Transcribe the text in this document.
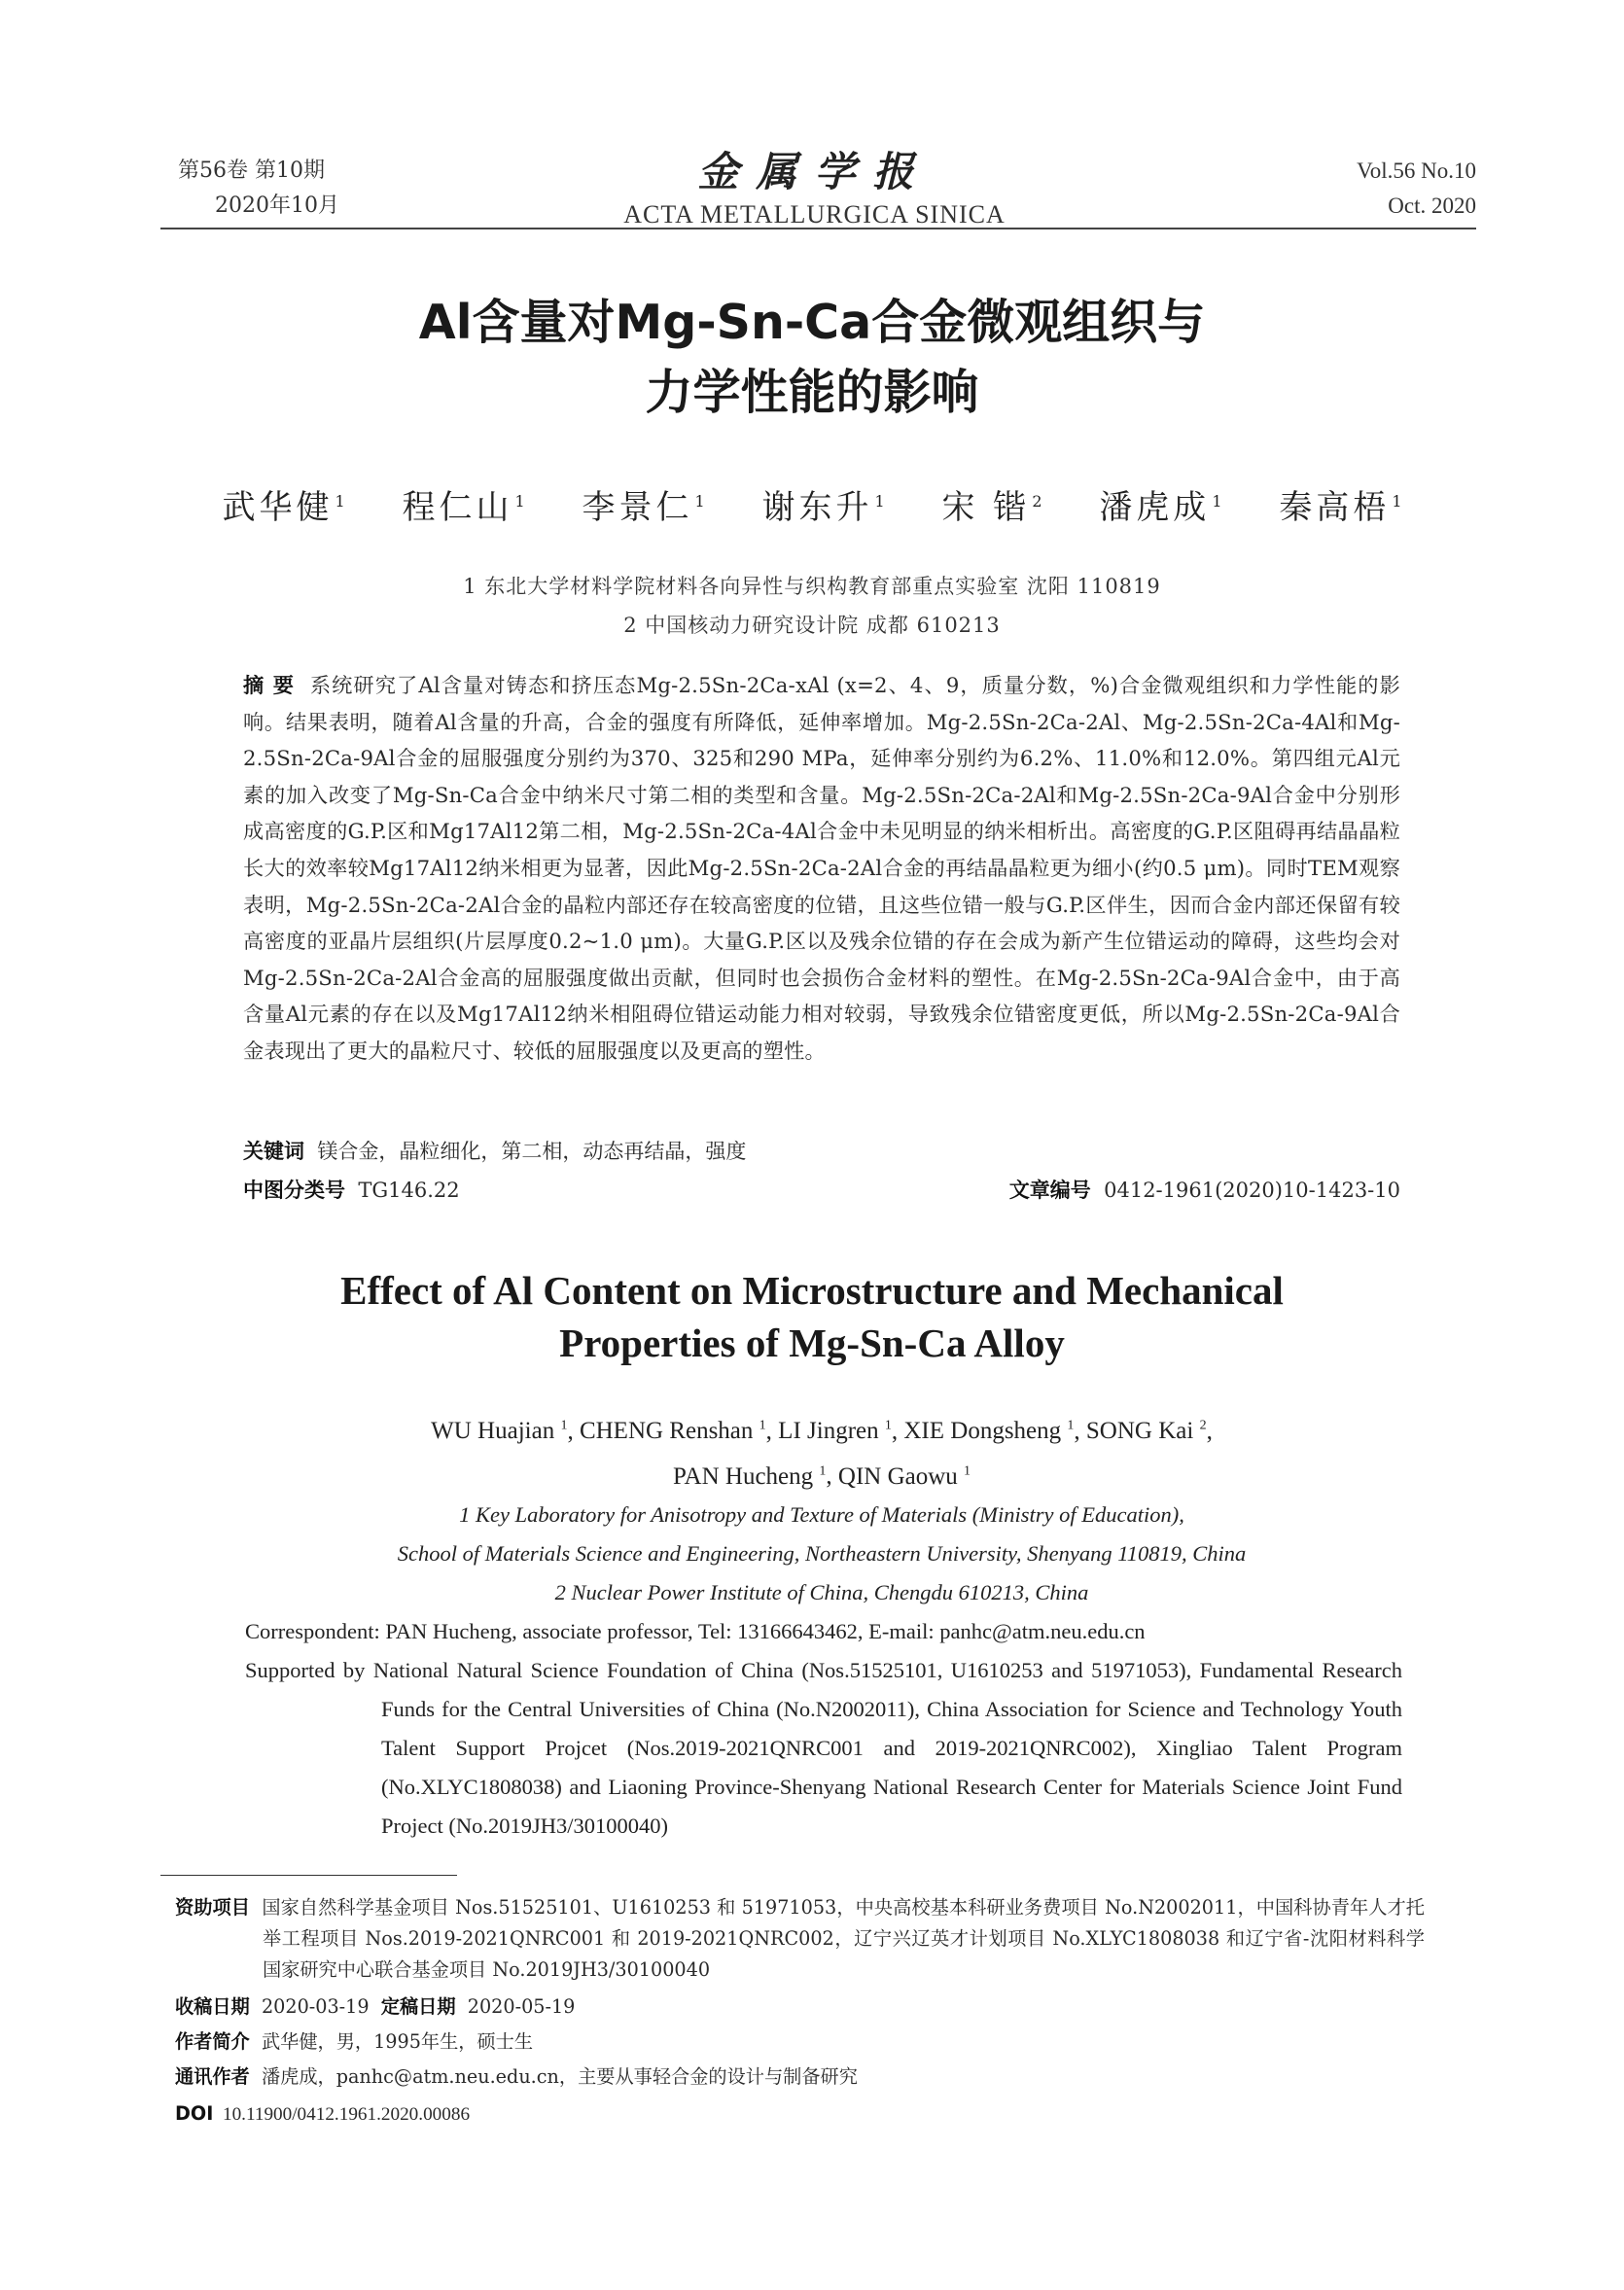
第56卷 第10期
2020年10月
金属学报
ACTA METALLURGICA SINICA
Vol.56 No.10
Oct. 2020
Al含量对Mg-Sn-Ca合金微观组织与
力学性能的影响
武华健 $^1$ 程仁山 $^1$ 李景仁 $^1$ 谢东升 $^1$ 宋 锴 $^2$ 潘虎成 $^1$ 秦高梧 $^1$
1 东北大学材料学院材料各向异性与织构教育部重点实验室 沈阳 110819
2 中国核动力研究设计院 成都 610213
摘 要 系统研究了Al含量对铸态和挤压态Mg-2.5Sn-2Ca-xAl (x=2、4、9，质量分数，%)合金微观组织和力学性能的影响。结果表明，随着Al含量的升高，合金的强度有所降低，延伸率增加。Mg-2.5Sn-2Ca-2Al、Mg-2.5Sn-2Ca-4Al和Mg-2.5Sn-2Ca-9Al合金的屈服强度分别约为370、325和290 MPa，延伸率分别约为6.2%、11.0%和12.0%。第四组元Al元素的加入改变了Mg-Sn-Ca合金中纳米尺寸第二相的类型和含量。Mg-2.5Sn-2Ca-2Al和Mg-2.5Sn-2Ca-9Al合金中分别形成高密度的G.P.区和Mg17Al12第二相，Mg-2.5Sn-2Ca-4Al合金中未见明显的纳米相析出。高密度的G.P.区阻碍再结晶晶粒长大的效率较Mg17Al12纳米相更为显著，因此Mg-2.5Sn-2Ca-2Al合金的再结晶晶粒更为细小(约0.5 μm)。同时TEM观察表明，Mg-2.5Sn-2Ca-2Al合金的晶粒内部还存在较高密度的位错，且这些位错一般与G.P.区伴生，因而合金内部还保留有较高密度的亚晶片层组织(片层厚度0.2~1.0 μm)。大量G.P.区以及残余位错的存在会成为新产生位错运动的障碍，这些均会对Mg-2.5Sn-2Ca-2Al合金高的屈服强度做出贡献，但同时也会损伤合金材料的塑性。在Mg-2.5Sn-2Ca-9Al合金中，由于高含量Al元素的存在以及Mg17Al12纳米相阻碍位错运动能力相对较弱，导致残余位错密度更低，所以Mg-2.5Sn-2Ca-9Al合金表现出了更大的晶粒尺寸、较低的屈服强度以及更高的塑性。
关键词 镁合金，晶粒细化，第二相，动态再结晶，强度
中图分类号 TG146.22	文章编号 0412-1961(2020)10-1423-10
Effect of Al Content on Microstructure and Mechanical
Properties of Mg-Sn-Ca Alloy
WU Huajian $^1$, CHENG Renshan $^1$, LI Jingren $^1$, XIE Dongsheng $^1$, SONG Kai $^2$,
PAN Hucheng $^1$, QIN Gaowu $^1$
1 Key Laboratory for Anisotropy and Texture of Materials (Ministry of Education),
School of Materials Science and Engineering, Northeastern University, Shenyang 110819, China
2 Nuclear Power Institute of China, Chengdu 610213, China
Correspondent: PAN Hucheng, associate professor, Tel: 13166643462, E-mail: panhc@atm.neu.edu.cn
Supported by National Natural Science Foundation of China (Nos.51525101, U1610253 and 51971053), Fundamental Research Funds for the Central Universities of China (No.N2002011), China Association for Science and Technology Youth Talent Support Projcet (Nos.2019-2021QNRC001 and 2019-2021QNRC002), Xingliao Talent Program (No.XLYC1808038) and Liaoning Province-Shenyang National Research Center for Materials Science Joint Fund Project (No.2019JH3/30100040)
资助项目 国家自然科学基金项目 Nos.51525101、U1610253 和 51971053，中央高校基本科研业务费项目 No.N2002011，中国科协青年人才托举工程项目 Nos.2019-2021QNRC001 和 2019-2021QNRC002，辽宁兴辽英才计划项目 No.XLYC1808038 和辽宁省-沈阳材料科学国家研究中心联合基金项目 No.2019JH3/30100040
收稿日期 2020-03-19 定稿日期 2020-05-19
作者简介 武华健，男，1995年生，硕士生
通讯作者 潘虎成，panhc@atm.neu.edu.cn，主要从事轻合金的设计与制备研究
DOI 10.11900/0412.1961.2020.00086
